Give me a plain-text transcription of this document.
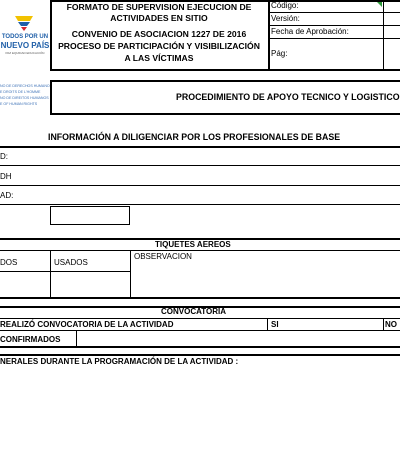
TODOS POR UN
NUEVO PAÍS
PAZ EQUIDAD EDUCACIÓN
FORMATO DE SUPERVISION EJECUCION DE
ACTIVIDADES EN SITIO
CONVENIO DE ASOCIACION 1227 DE 2016
PROCESO DE PARTICIPACIÓN Y VISIBILIZACIÓN
A LAS VÍCTIMAS
Código:
Versión:
Fecha de Aprobación:
Pág:
NO DE DERECHOS HUMANOS
E DROITS DE L'HOMME
NO DE DIREITOS HUMANOS
E OF HUMAN RIGHTS
PROCEDIMIENTO DE APOYO TECNICO Y LOGISTICO
INFORMACIÓN A DILIGENCIAR POR LOS PROFESIONALES DE BASE
D:
DH
AD:
TIQUETES AEREOS
DOS	USADOS
OBSERVACION
CONVOCATORIA
REALIZÓ CONVOCATORIA DE LA ACTIVIDAD	SI	NO
CONFIRMADOS
NERALES DURANTE LA PROGRAMACIÓN DE LA ACTIVIDAD :
